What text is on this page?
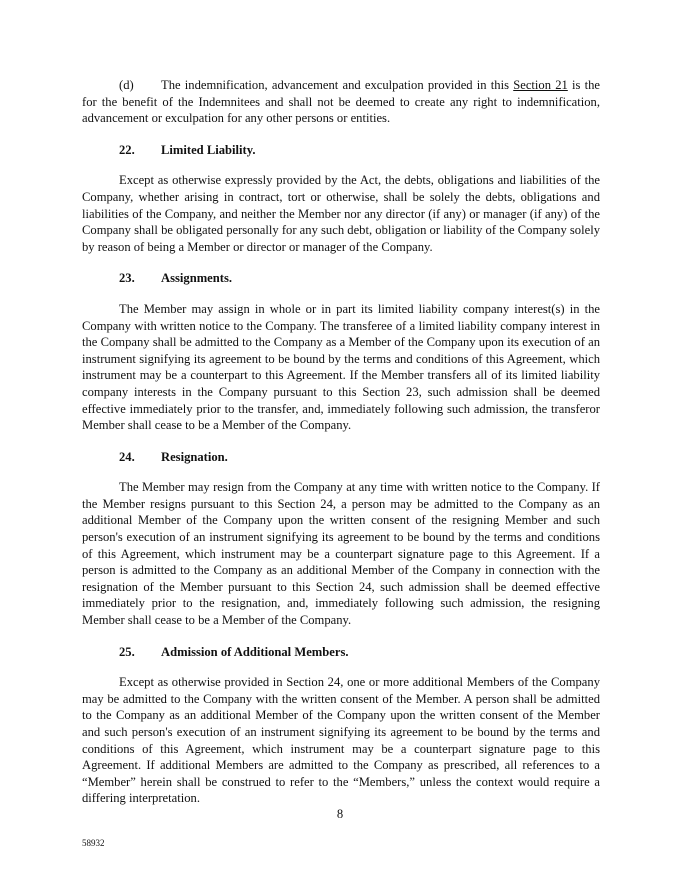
(d) The indemnification, advancement and exculpation provided in this Section 21 is the for the benefit of the Indemnitees and shall not be deemed to create any right to indemnification, advancement or exculpation for any other persons or entities.

22. Limited Liability.

Except as otherwise expressly provided by the Act, the debts, obligations and liabilities of the Company, whether arising in contract, tort or otherwise, shall be solely the debts, obligations and liabilities of the Company, and neither the Member nor any director (if any) or manager (if any) of the Company shall be obligated personally for any such debt, obligation or liability of the Company solely by reason of being a Member or director or manager of the Company.

23. Assignments.

The Member may assign in whole or in part its limited liability company interest(s) in the Company with written notice to the Company. The transferee of a limited liability company interest in the Company shall be admitted to the Company as a Member of the Company upon its execution of an instrument signifying its agreement to be bound by the terms and conditions of this Agreement, which instrument may be a counterpart to this Agreement. If the Member transfers all of its limited liability company interests in the Company pursuant to this Section 23, such admission shall be deemed effective immediately prior to the transfer, and, immediately following such admission, the transferor Member shall cease to be a Member of the Company.

24. Resignation.

The Member may resign from the Company at any time with written notice to the Company. If the Member resigns pursuant to this Section 24, a person may be admitted to the Company as an additional Member of the Company upon the written consent of the resigning Member and such person's execution of an instrument signifying its agreement to be bound by the terms and conditions of this Agreement, which instrument may be a counterpart signature page to this Agreement. If a person is admitted to the Company as an additional Member of the Company in connection with the resignation of the Member pursuant to this Section 24, such admission shall be deemed effective immediately prior to the resignation, and, immediately following such admission, the resigning Member shall cease to be a Member of the Company.

25. Admission of Additional Members.

Except as otherwise provided in Section 24, one or more additional Members of the Company may be admitted to the Company with the written consent of the Member. A person shall be admitted to the Company as an additional Member of the Company upon the written consent of the Member and such person's execution of an instrument signifying its agreement to be bound by the terms and conditions of this Agreement, which instrument may be a counterpart signature page to this Agreement. If additional Members are admitted to the Company as prescribed, all references to a “Member” herein shall be construed to refer to the “Members,” unless the context would require a differing interpretation.

8
58932
